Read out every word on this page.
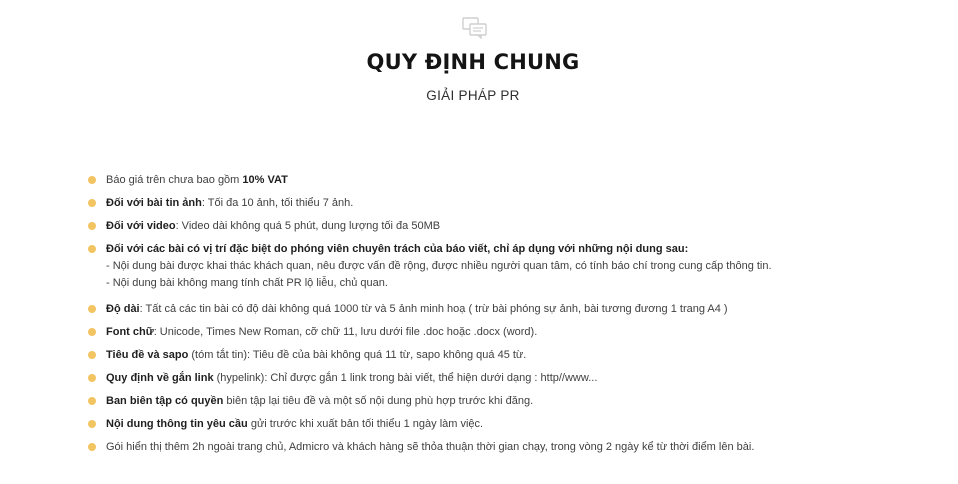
QUY ĐỊNH CHUNG
GIẢI PHÁP PR
Báo giá trên chưa bao gồm 10% VAT
Đối với bài tin ảnh: Tối đa 10 ảnh, tối thiểu 7 ảnh.
Đối với video: Video dài không quá 5 phút, dung lượng tối đa 50MB
Đối với các bài có vị trí đặc biệt do phóng viên chuyên trách của báo viết, chỉ áp dụng với những nội dung sau:
- Nội dung bài được khai thác khách quan, nêu được vấn đề rộng, được nhiều người quan tâm, có tính báo chí trong cung cấp thông tin.
- Nội dung bài không mang tính chất PR lộ liễu, chủ quan.
Độ dài: Tất cả các tin bài có độ dài không quá 1000 từ và 5 ảnh minh hoạ ( trừ bài phóng sự ảnh, bài tương đương 1 trang A4 )
Font chữ: Unicode, Times New Roman, cỡ chữ 11, lưu dưới file .doc hoặc .docx (word).
Tiêu đề và sapo (tóm tắt tin): Tiêu đề của bài không quá 11 từ, sapo không quá 45 từ.
Quy định về gắn link (hypelink): Chỉ được gắn 1 link trong bài viết, thể hiện dưới dạng : http//www...
Ban biên tập có quyền biên tập lại tiêu đề và một số nội dung phù hợp trước khi đăng.
Nội dung thông tin yêu cầu gửi trước khi xuất bản tối thiểu 1 ngày làm việc.
Gói hiển thị thêm 2h ngoài trang chủ, Admicro và khách hàng sẽ thỏa thuận thời gian chạy, trong vòng 2 ngày kể từ thời điểm lên bài.
